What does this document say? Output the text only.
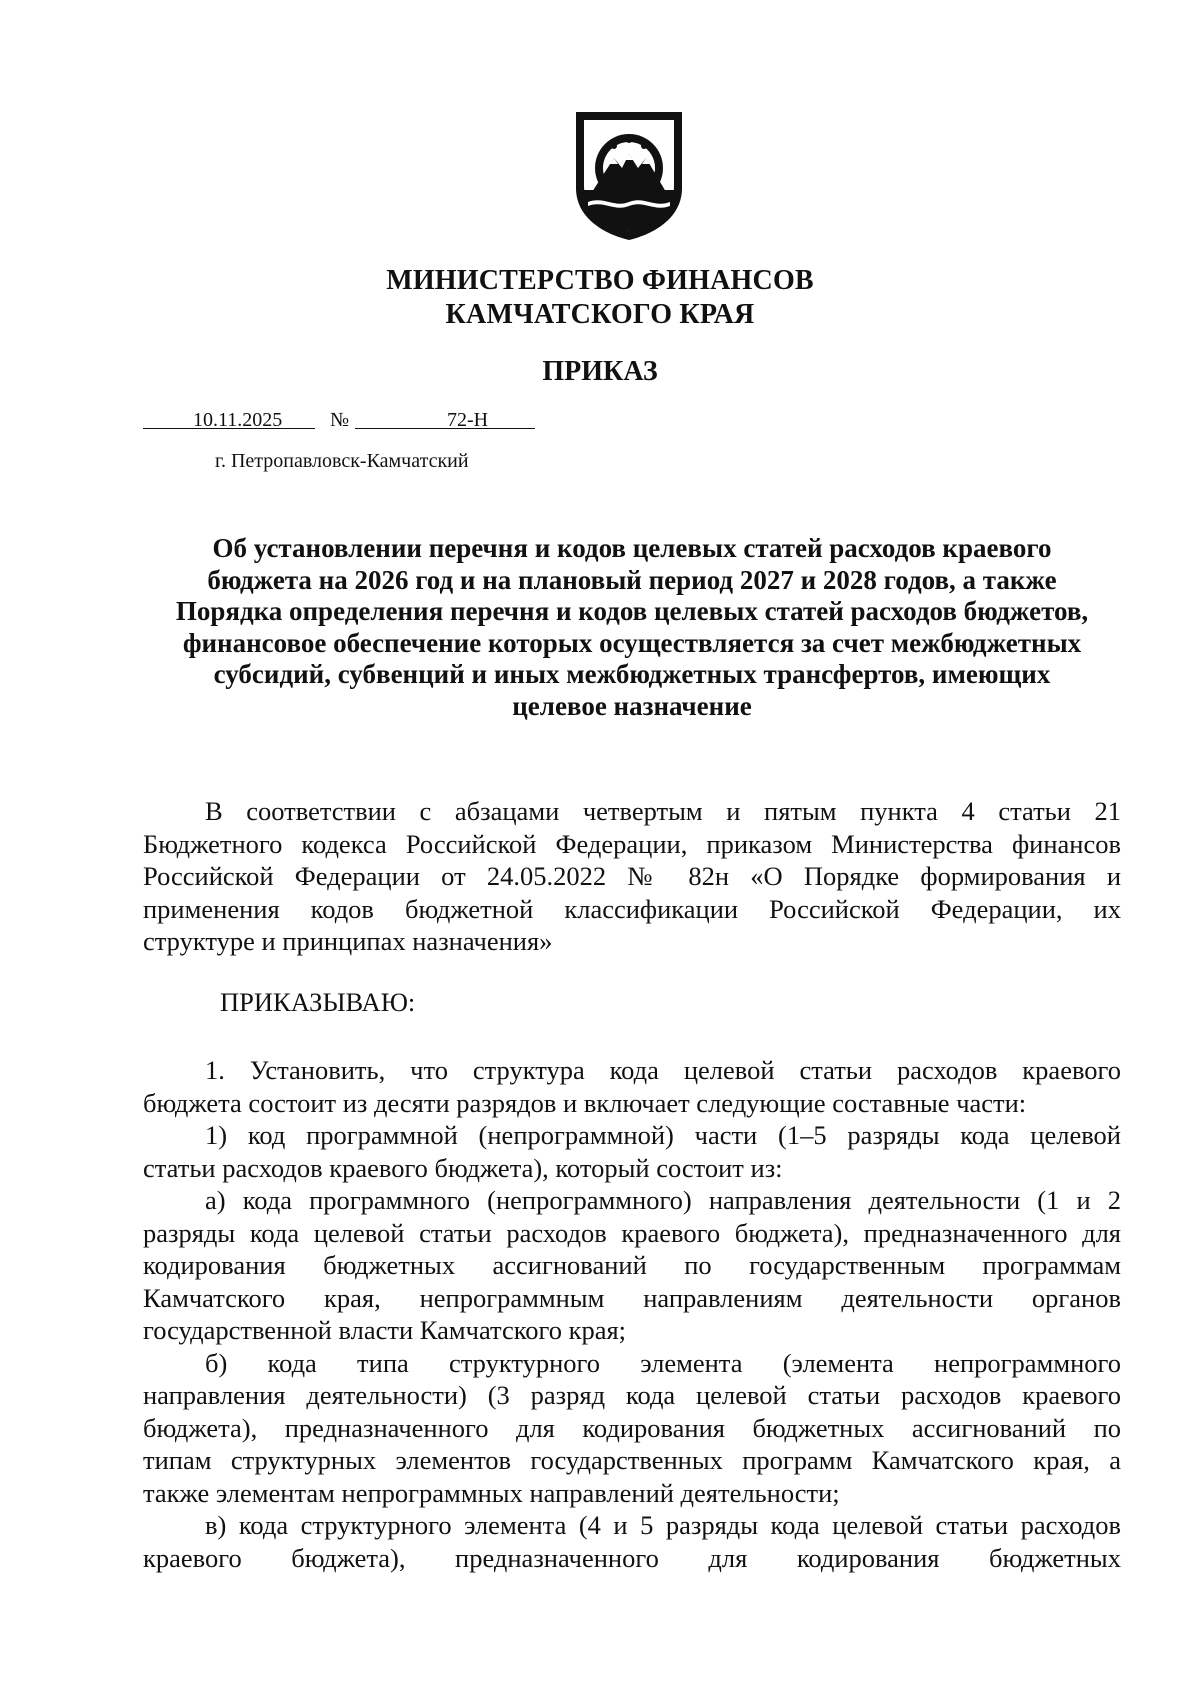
МИНИСТЕРСТВО ФИНАНСОВ
КАМЧАТСКОГО КРАЯ
ПРИКАЗ
10.11.2025 №	72-Н
г. Петропавловск-Камчатский
Об установлении перечня и кодов целевых статей расходов краевого
бюджета на 2026 год и на плановый период 2027 и 2028 годов, а также
Порядка определения перечня и кодов целевых статей расходов бюджетов,
финансовое обеспечение которых осуществляется за счет межбюджетных
субсидий, субвенций и иных межбюджетных трансфертов, имеющих
целевое назначение
В соответствии с абзацами четвертым и пятым пункта 4 статьи 21
Бюджетного кодекса Российской Федерации, приказом Министерства финансов
Российской Федерации от 24.05.2022 № 82н «О Порядке формирования и
применения кодов бюджетной классификации Российской Федерации, их
структуре и принципах назначения»
ПРИКАЗЫВАЮ:
1. Установить, что структура кода целевой статьи расходов краевого
бюджета состоит из десяти разрядов и включает следующие составные части:
1) код программной (непрограммной) части (1–5 разряды кода целевой
статьи расходов краевого бюджета), который состоит из:
а) кода программного (непрограммного) направления деятельности (1 и 2
разряды кода целевой статьи расходов краевого бюджета), предназначенного для
кодирования бюджетных ассигнований по государственным программам
Камчатского края, непрограммным направлениям деятельности органов
государственной власти Камчатского края;
б) кода типа структурного элемента (элемента непрограммного
направления деятельности) (3 разряд кода целевой статьи расходов краевого
бюджета), предназначенного для кодирования бюджетных ассигнований по
типам структурных элементов государственных программ Камчатского края, а
также элементам непрограммных направлений деятельности;
в) кода структурного элемента (4 и 5 разряды кода целевой статьи расходов
краевого бюджета), предназначенного для кодирования бюджетных
